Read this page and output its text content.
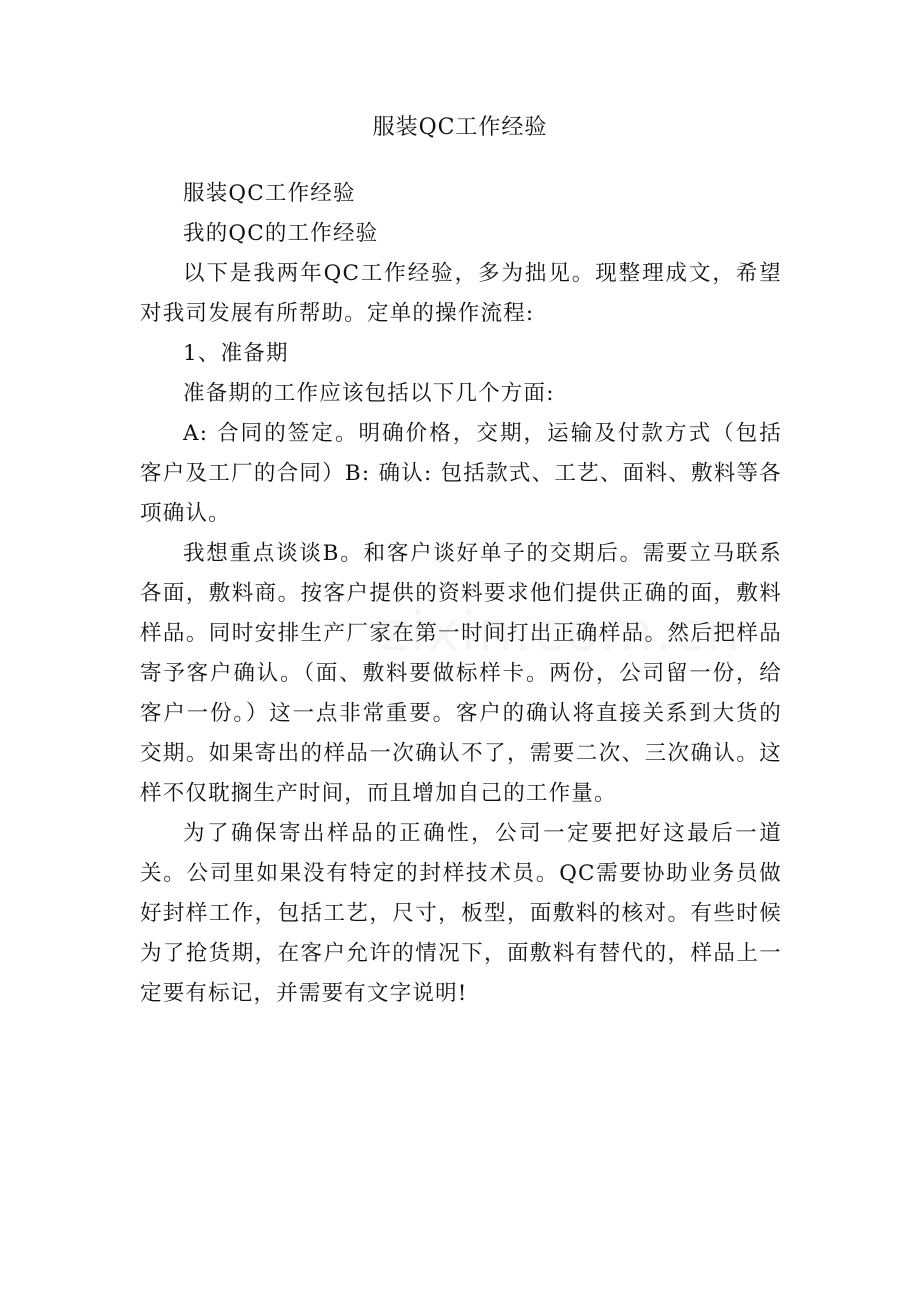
服装QC工作经验

服装QC工作经验

我的QC的工作经验

以下是我两年QC工作经验，多为拙见。现整理成文，希望对我司发展有所帮助。定单的操作流程:

1、准备期

准备期的工作应该包括以下几个方面:

A: 合同的签定。明确价格，交期，运输及付款方式（包括客户及工厂的合同）B: 确认: 包括款式、工艺、面料、敷料等各项确认。

我想重点谈谈B。和客户谈好单子的交期后。需要立马联系各面，敷料商。按客户提供的资料要求他们提供正确的面，敷料样品。同时安排生产厂家在第一时间打出正确样品。然后把样品寄予客户确认。（面、敷料要做标样卡。两份，公司留一份，给客户一份。）这一点非常重要。客户的确认将直接关系到大货的交期。如果寄出的样品一次确认不了，需要二次、三次确认。这样不仅耽搁生产时间，而且增加自己的工作量。

为了确保寄出样品的正确性，公司一定要把好这最后一道关。公司里如果没有特定的封样技术员。QC需要协助业务员做好封样工作，包括工艺，尺寸，板型，面敷料的核对。有些时候为了抢货期，在客户允许的情况下，面敷料有替代的，样品上一定要有标记，并需要有文字说明!
